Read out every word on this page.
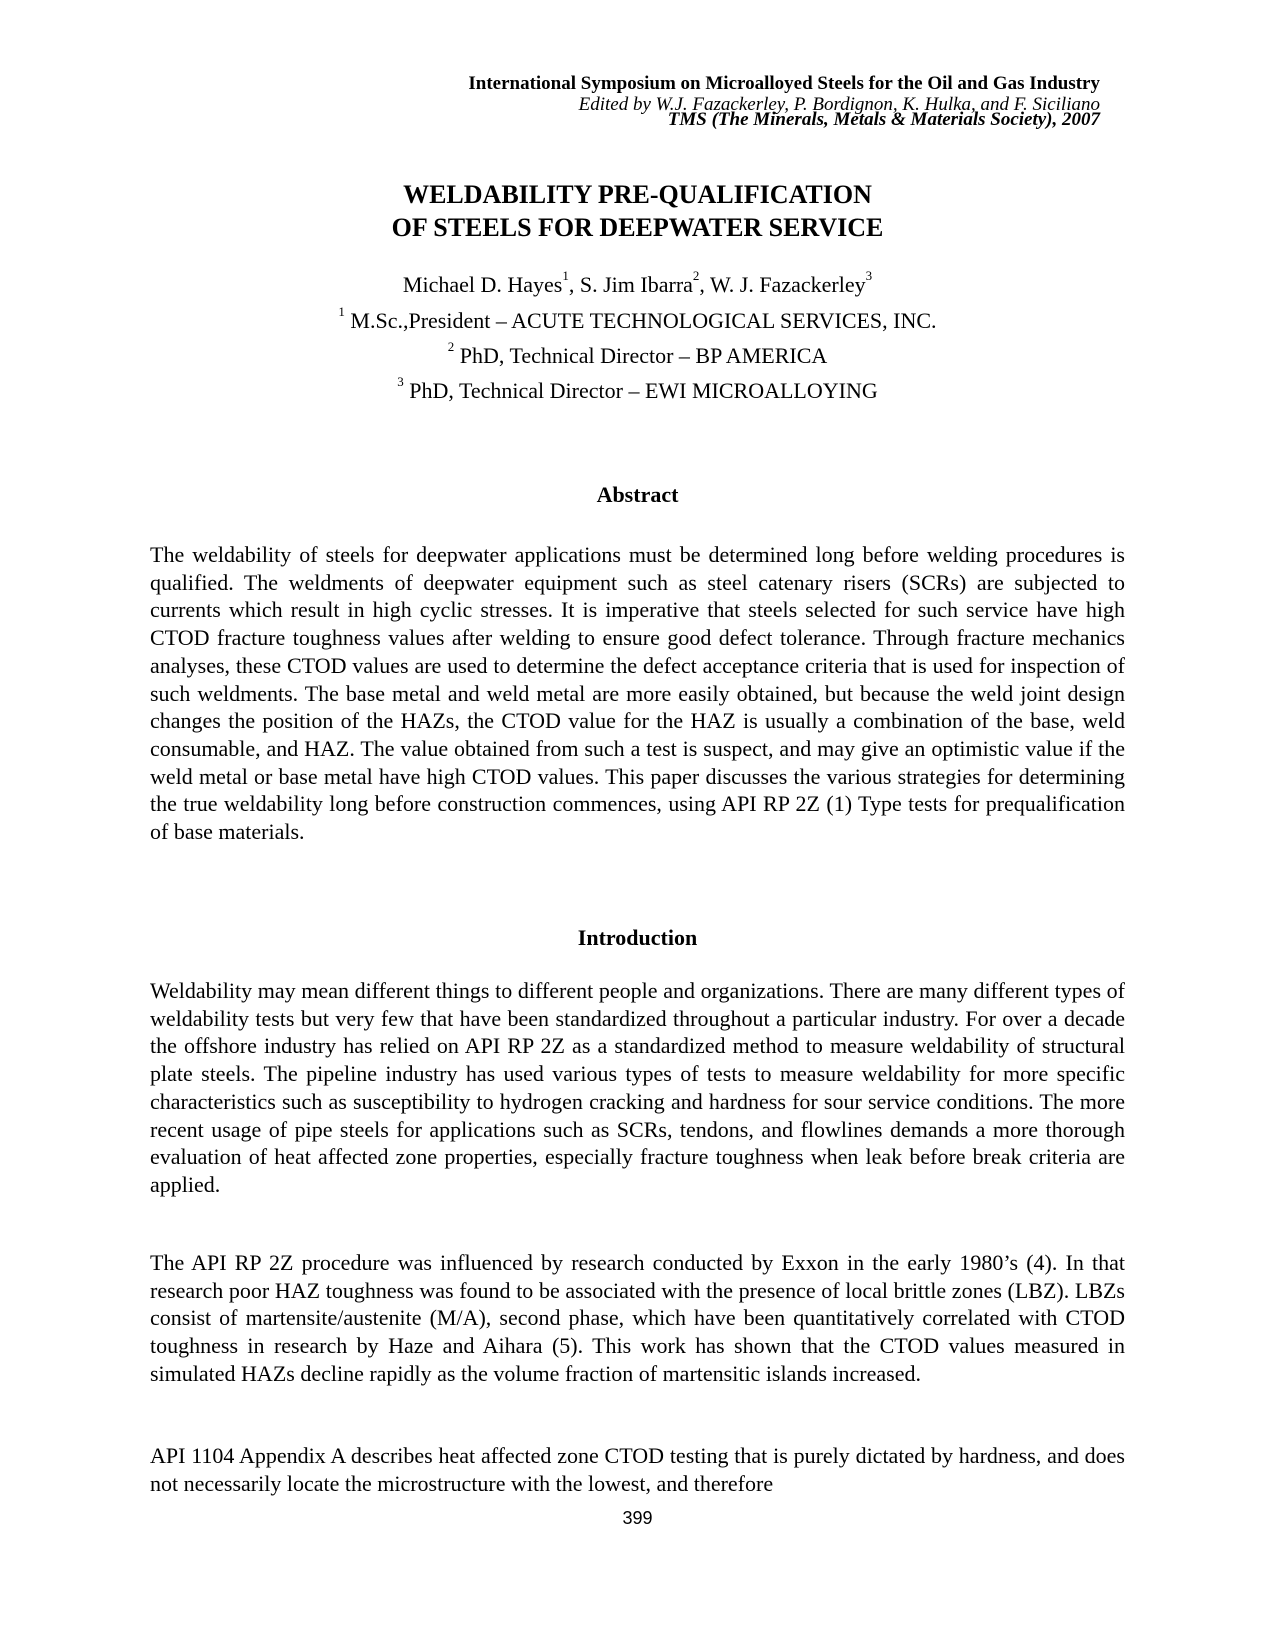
International Symposium on Microalloyed Steels for the Oil and Gas Industry
Edited by W.J. Fazackerley, P. Bordignon, K. Hulka, and F. Siciliano
TMS (The Minerals, Metals & Materials Society), 2007
WELDABILITY PRE-QUALIFICATION
OF STEELS FOR DEEPWATER SERVICE
Michael D. Hayes$^1$, S. Jim Ibarra$^2$, W. J. Fazackerley$^3$
$^1$ M.Sc.,President – ACUTE TECHNOLOGICAL SERVICES, INC.
$^2$ PhD, Technical Director – BP AMERICA
$^3$ PhD, Technical Director – EWI MICROALLOYING
Abstract

The weldability of steels for deepwater applications must be determined long before welding procedures is qualified. The weldments of deepwater equipment such as steel catenary risers (SCRs) are subjected to currents which result in high cyclic stresses. It is imperative that steels selected for such service have high CTOD fracture toughness values after welding to ensure good defect tolerance. Through fracture mechanics analyses, these CTOD values are used to determine the defect acceptance criteria that is used for inspection of such weldments. The base metal and weld metal are more easily obtained, but because the weld joint design changes the position of the HAZs, the CTOD value for the HAZ is usually a combination of the base, weld consumable, and HAZ. The value obtained from such a test is suspect, and may give an optimistic value if the weld metal or base metal have high CTOD values. This paper discusses the various strategies for determining the true weldability long before construction commences, using API RP 2Z (1) Type tests for prequalification of base materials.

Introduction

Weldability may mean different things to different people and organizations. There are many different types of weldability tests but very few that have been standardized throughout a particular industry. For over a decade the offshore industry has relied on API RP 2Z as a standardized method to measure weldability of structural plate steels. The pipeline industry has used various types of tests to measure weldability for more specific characteristics such as susceptibility to hydrogen cracking and hardness for sour service conditions. The more recent usage of pipe steels for applications such as SCRs, tendons, and flowlines demands a more thorough evaluation of heat affected zone properties, especially fracture toughness when leak before break criteria are applied.

The API RP 2Z procedure was influenced by research conducted by Exxon in the early 1980’s (4). In that research poor HAZ toughness was found to be associated with the presence of local brittle zones (LBZ). LBZs consist of martensite/austenite (M/A), second phase, which have been quantitatively correlated with CTOD toughness in research by Haze and Aihara (5). This work has shown that the CTOD values measured in simulated HAZs decline rapidly as the volume fraction of martensitic islands increased.

API 1104 Appendix A describes heat affected zone CTOD testing that is purely dictated by hardness, and does not necessarily locate the microstructure with the lowest, and therefore

399
